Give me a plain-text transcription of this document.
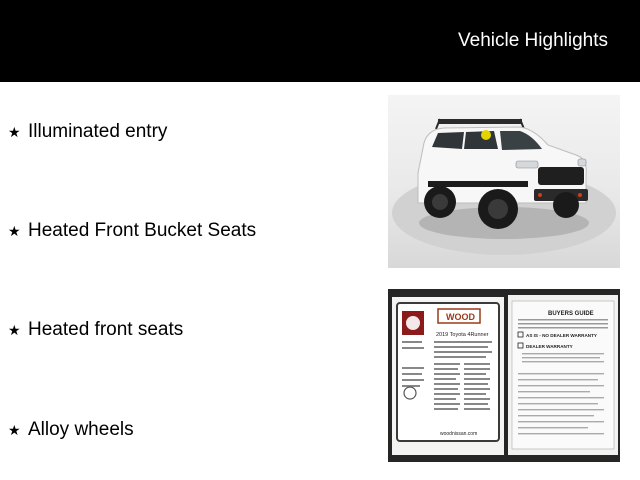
Vehicle Highlights
★ Illuminated entry
★ Heated Front Bucket Seats
★ Heated front seats
★ Alloy wheels
WOOD
2019 Toyota 4Runner
woodnissan.com
BUYERS GUIDE
AS IS - NO DEALER WARRANTY
DEALER WARRANTY
